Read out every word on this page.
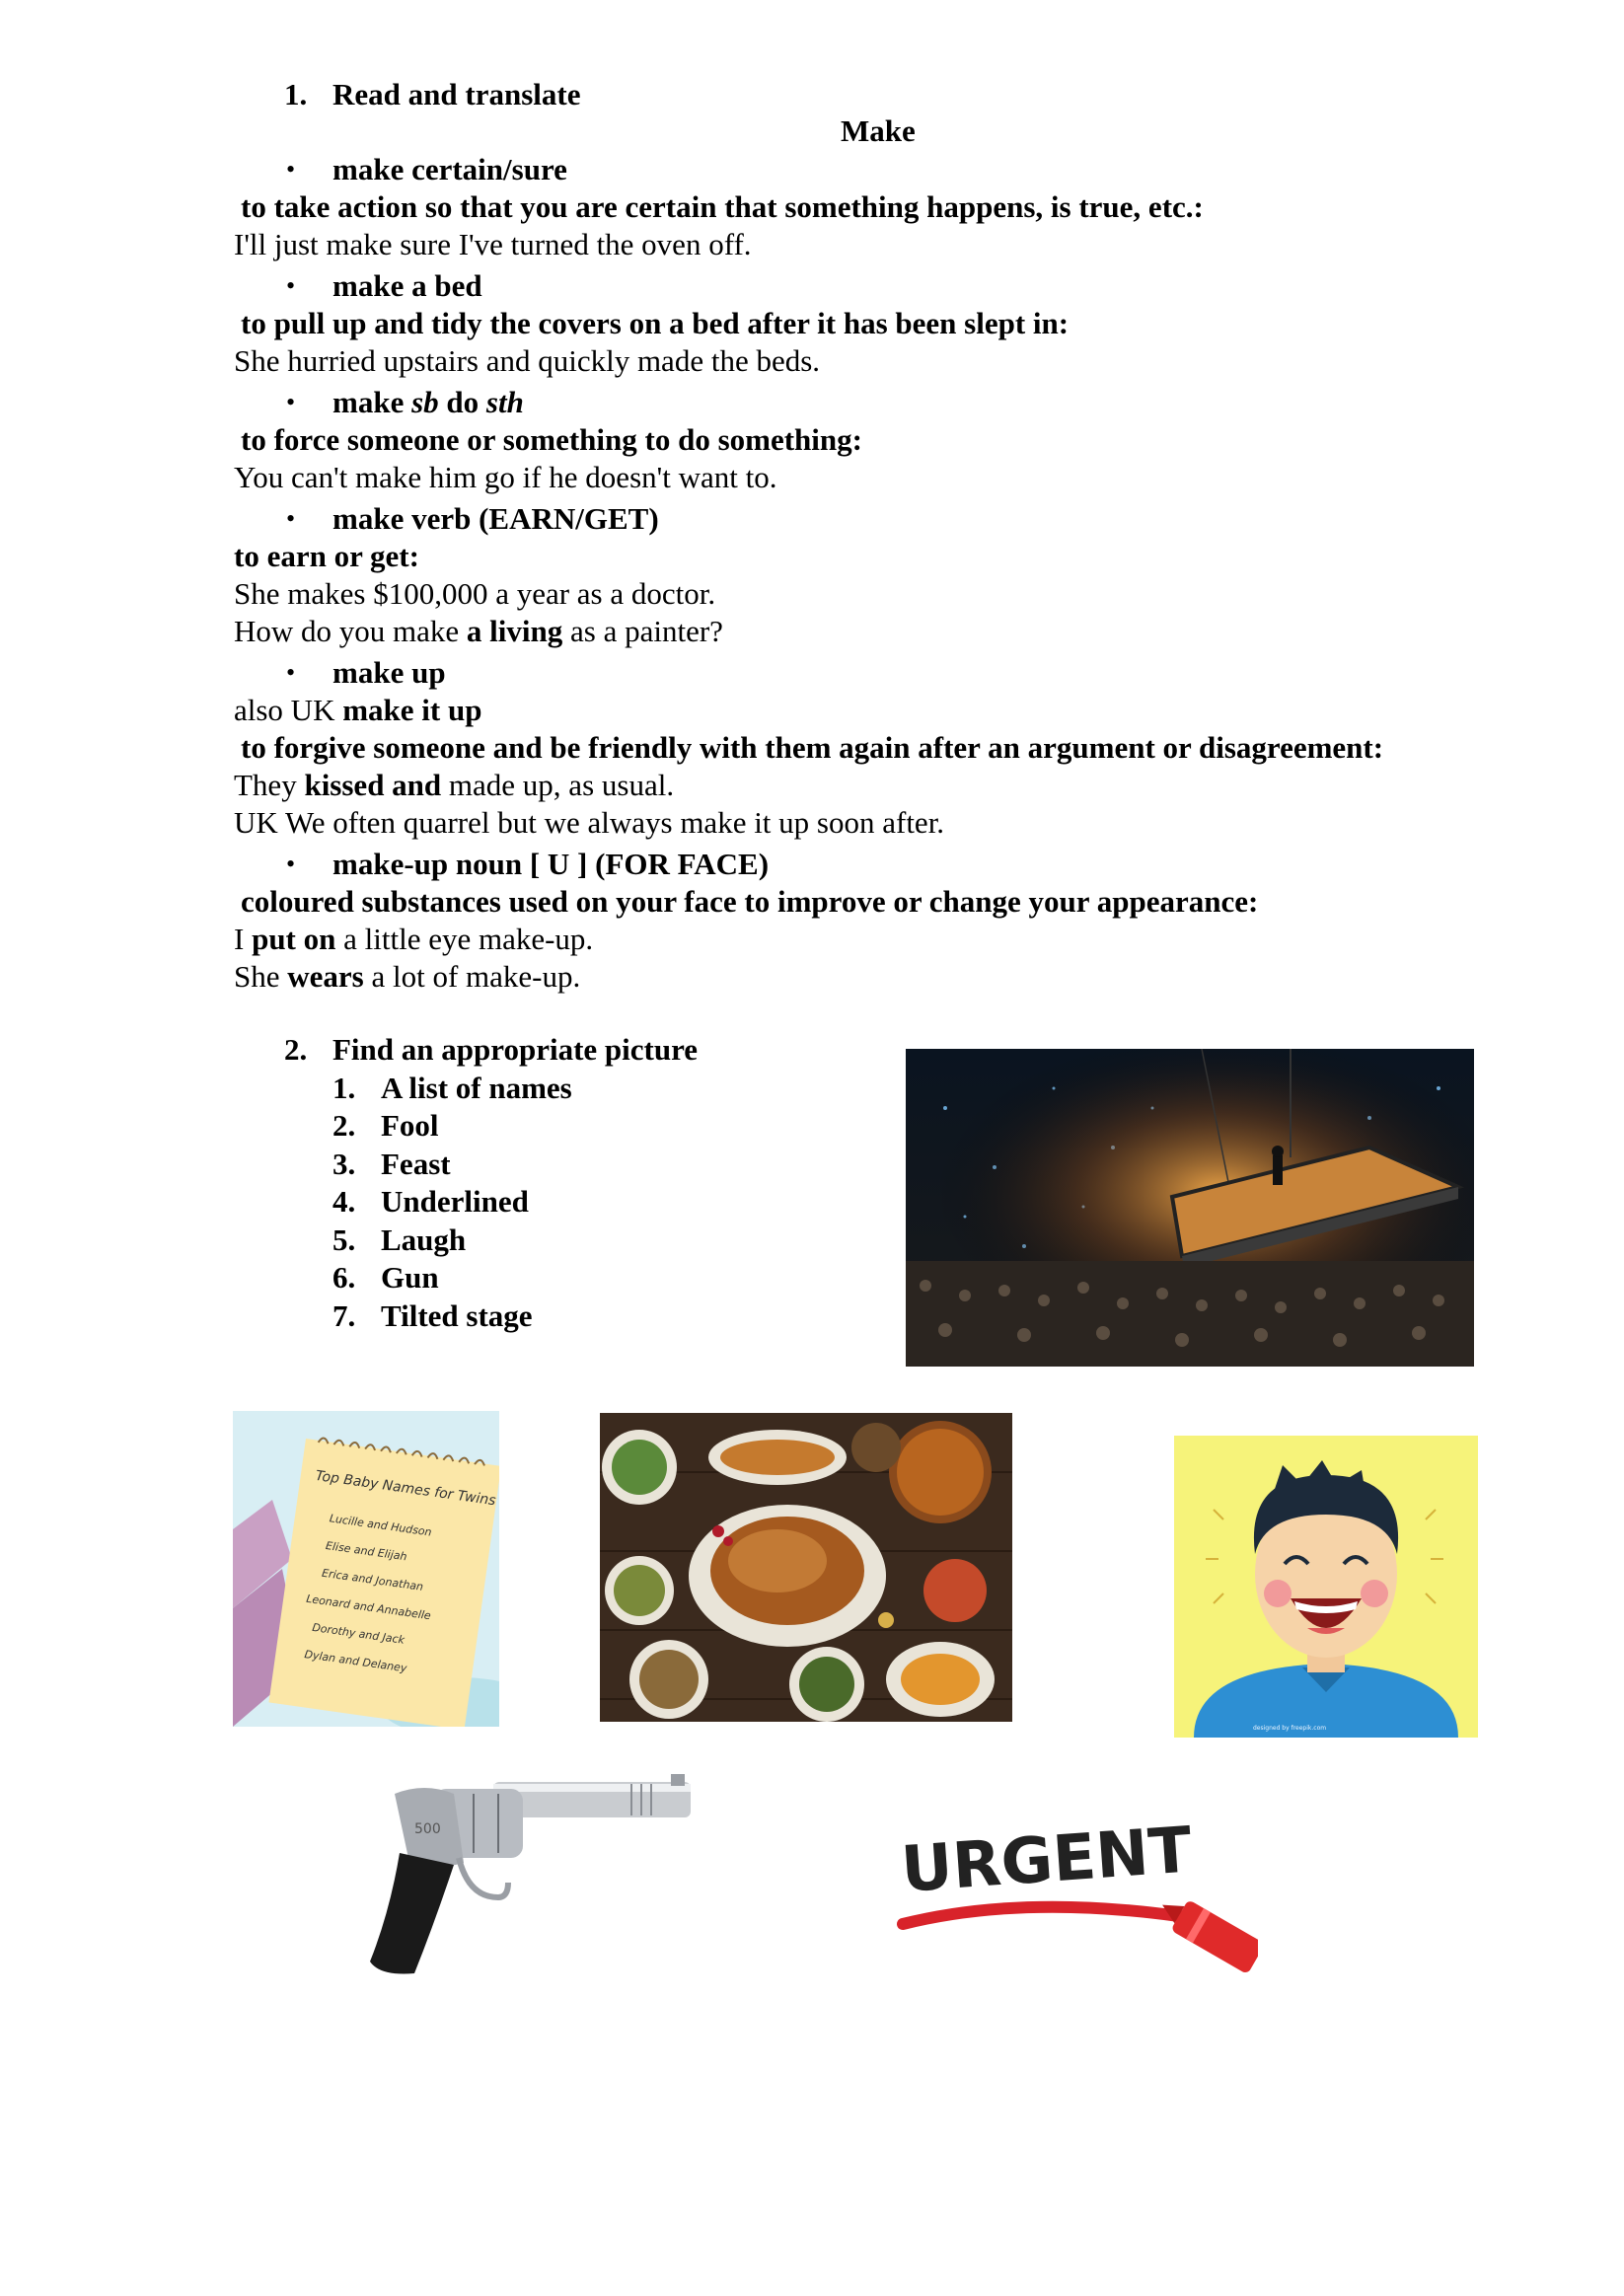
1. Read and translate
Make
• make certain/sure
to take action so that you are certain that something happens, is true, etc.:
I'll just make sure I've turned the oven off.
• make a bed
to pull up and tidy the covers on a bed after it has been slept in:
She hurried upstairs and quickly made the beds.
• make sb do sth
to force someone or something to do something:
You can't make him go if he doesn't want to.
• make verb (EARN/GET)
to earn or get:
She makes $100,000 a year as a doctor.
How do you make a living as a painter?
• make up
also UK make it up
to forgive someone and be friendly with them again after an argument or disagreement:
They kissed and made up, as usual.
UK We often quarrel but we always make it up soon after.
• make-up noun [ U ] (FOR FACE)
coloured substances used on your face to improve or change your appearance:
I put on a little eye make-up.
She wears a lot of make-up.
2. Find an appropriate picture
1. A list of names
2. Fool
3. Feast
4. Underlined
5. Laugh
6. Gun
7. Tilted stage
Top Baby Names for Twins
Lucille and Hudson
Elise and Elijah
Erica and Jonathan
Leonard and Annabelle
Dorothy and Jack
Dylan and Delaney
designed by freepik.com
500	URGENT
